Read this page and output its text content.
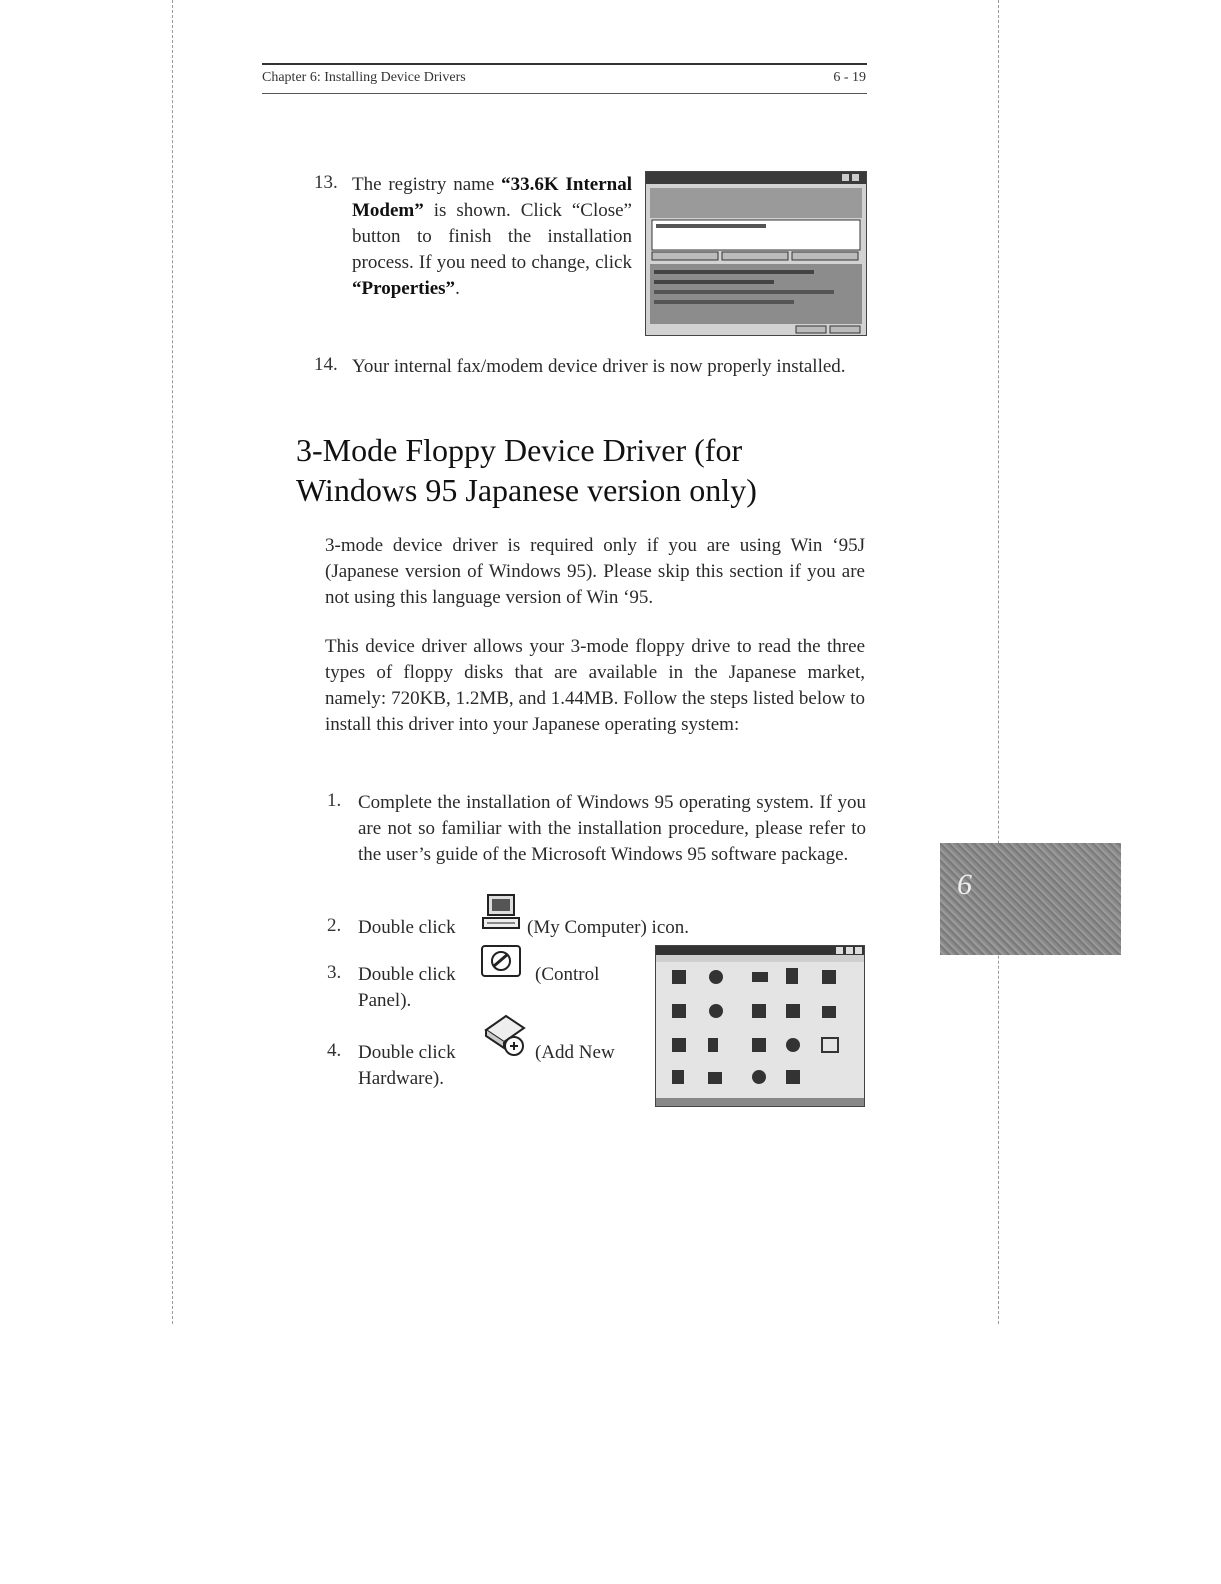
Chapter 6: Installing Device Drivers	6 - 19
13. The registry name “33.6K Internal Modem” is shown. Click “Close” button to finish the installation process. If you need to change, click “Properties”.
14. Your internal fax/modem device driver is now properly installed.
3-Mode Floppy Device Driver (for Windows 95 Japanese version only)
3-mode device driver is required only if you are using Win ‘95J (Japanese version of Windows 95). Please skip this section if you are not using this language version of Win ‘95.
This device driver allows your 3-mode floppy drive to read the three types of floppy disks that are available in the Japanese market, namely: 720KB, 1.2MB, and 1.44MB. Follow the steps listed below to install this driver into your Japanese operating system:
1. Complete the installation of Windows 95 operating system. If you are not so familiar with the installation procedure, please refer to the user’s guide of the Microsoft Windows 95 software package.
2. Double click	(My Computer) icon.
3. Double click	(Control Panel).
4. Double click	(Add New Hardware).
6
